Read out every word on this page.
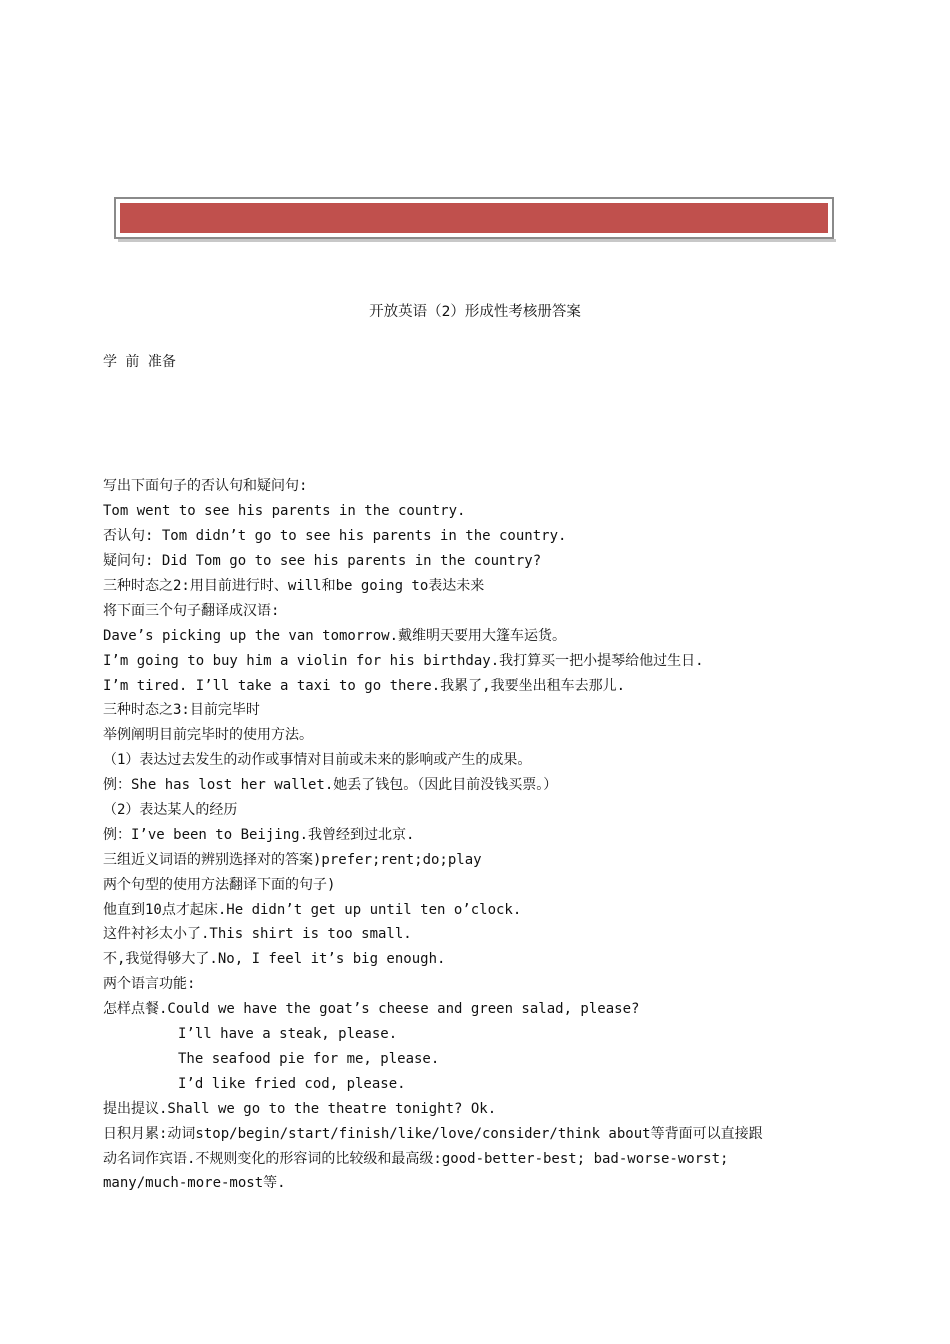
开放英语（2）形成性考核册答案
学 前 准备

写出下面句子的否认句和疑问句:
Tom went to see his parents in the country.
否认句: Tom didn’t go to see his parents in the country.
疑问句: Did Tom go to see his parents in the country?
三种时态之2:用目前进行时、will和be going to表达未来
将下面三个句子翻译成汉语:
Dave’s picking up the van tomorrow.戴维明天要用大篷车运货。
I’m going to buy him a violin for his birthday.我打算买一把小提琴给他过生日.
I’m tired. I’ll take a taxi to go there.我累了,我要坐出租车去那儿.
三种时态之3:目前完毕时
举例阐明目前完毕时的使用方法。
（1）表达过去发生的动作或事情对目前或未来的影响或产生的成果。
例：She has lost her wallet.她丢了钱包。（因此目前没钱买票。）
（2）表达某人的经历
例：I’ve been to Beijing.我曾经到过北京.
三组近义词语的辨别选择对的答案)prefer;rent;do;play
两个句型的使用方法翻译下面的句子)
他直到10点才起床.He didn’t get up until ten o’clock.
这件衬衫太小了.This shirt is too small.
不,我觉得够大了.No, I feel it’s big enough.
两个语言功能:
怎样点餐.Could we have the goat’s cheese and green salad, please?
I’ll have a steak, please.
The seafood pie for me, please.
I’d like fried cod, please.
提出提议.Shall we go to the theatre tonight? Ok.
日积月累:动词stop/begin/start/finish/like/love/consider/think about等背面可以直接跟
动名词作宾语.不规则变化的形容词的比较级和最高级:good-better-best; bad-worse-worst;
many/much-more-most等.
